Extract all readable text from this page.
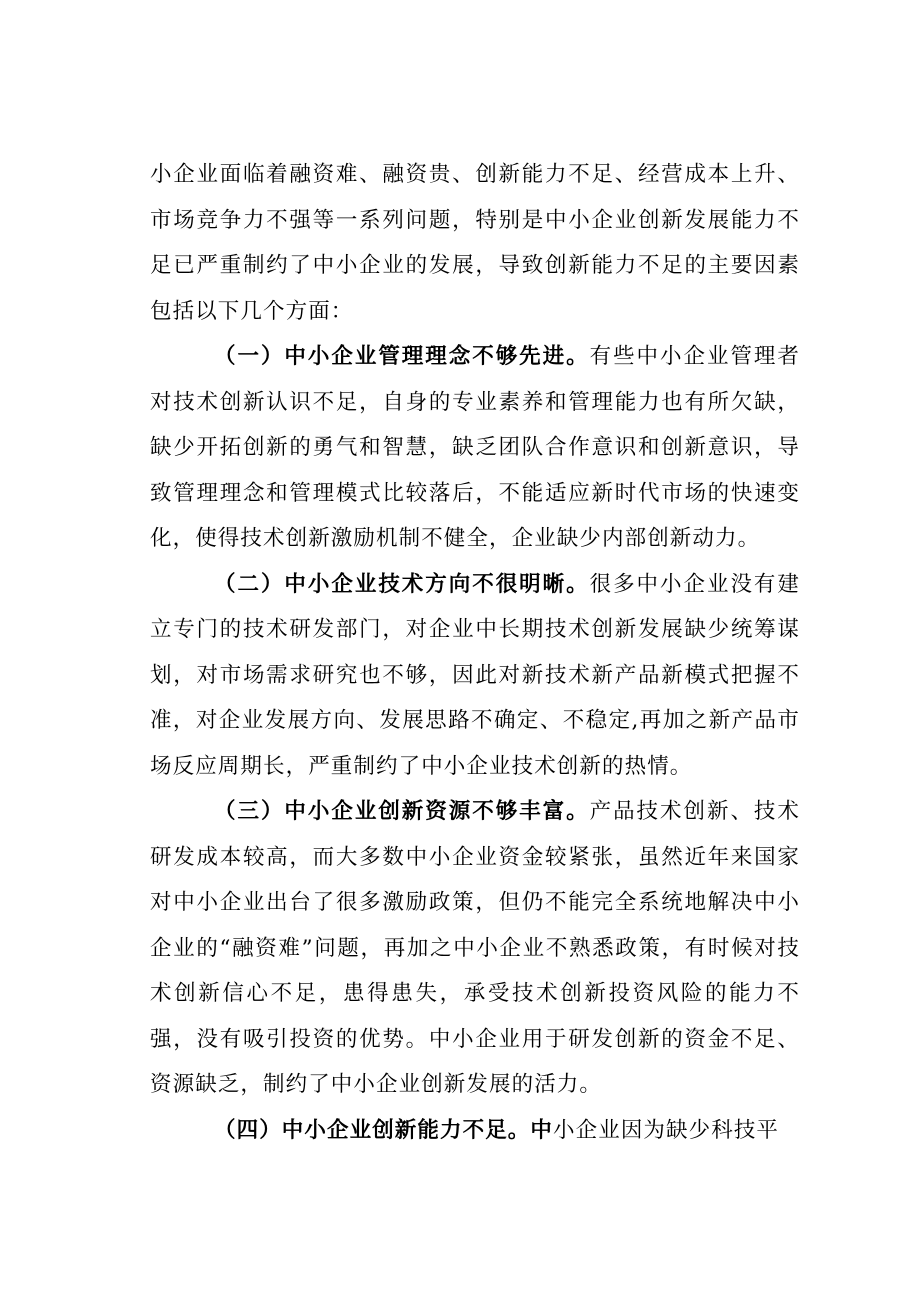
小企业面临着融资难、融资贵、创新能力不足、经营成本上升、市场竞争力不强等一系列问题，特别是中小企业创新发展能力不足已严重制约了中小企业的发展，导致创新能力不足的主要因素包括以下几个方面：

（一）中小企业管理理念不够先进。有些中小企业管理者对技术创新认识不足，自身的专业素养和管理能力也有所欠缺，缺少开拓创新的勇气和智慧，缺乏团队合作意识和创新意识，导致管理理念和管理模式比较落后，不能适应新时代市场的快速变化，使得技术创新激励机制不健全，企业缺少内部创新动力。

（二）中小企业技术方向不很明晰。很多中小企业没有建立专门的技术研发部门，对企业中长期技术创新发展缺少统筹谋划，对市场需求研究也不够，因此对新技术新产品新模式把握不准，对企业发展方向、发展思路不确定、不稳定,再加之新产品市场反应周期长，严重制约了中小企业技术创新的热情。

（三）中小企业创新资源不够丰富。产品技术创新、技术研发成本较高，而大多数中小企业资金较紧张，虽然近年来国家对中小企业出台了很多激励政策，但仍不能完全系统地解决中小企业的“融资难”问题，再加之中小企业不熟悉政策，有时候对技术创新信心不足，患得患失，承受技术创新投资风险的能力不强，没有吸引投资的优势。中小企业用于研发创新的资金不足、资源缺乏，制约了中小企业创新发展的活力。

（四）中小企业创新能力不足。中小企业因为缺少科技平
